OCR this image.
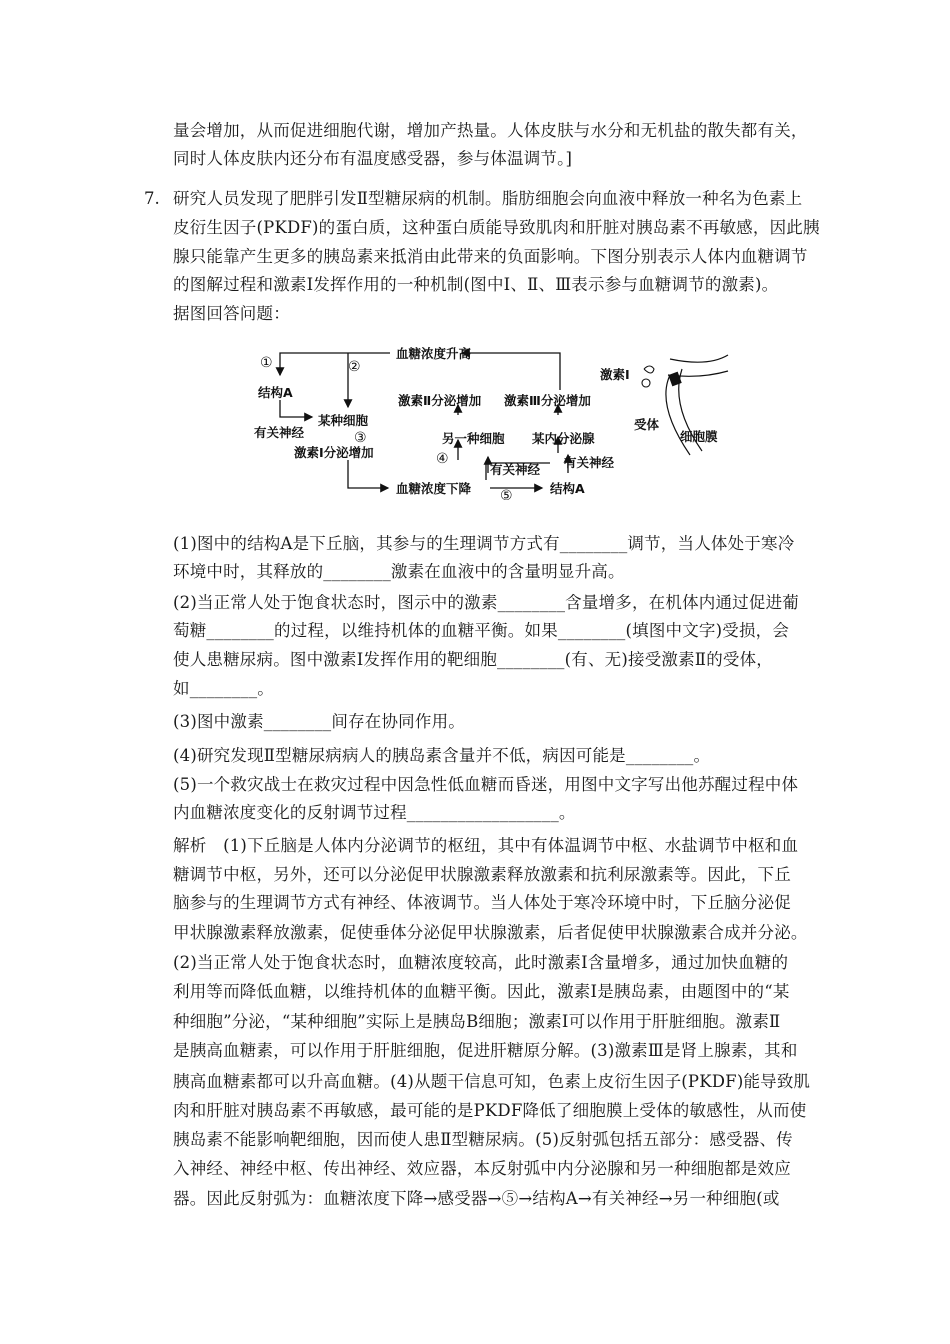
量会增加，从而促进细胞代谢，增加产热量。人体皮肤与水分和无机盐的散失都有关，
同时人体皮肤内还分布有温度感受器，参与体温调节。]
研究人员发现了肥胖引发Ⅱ型糖尿病的机制。脂肪细胞会向血液中释放一种名为色素上
皮衍生因子(PKDF)的蛋白质，这种蛋白质能导致肌肉和肝脏对胰岛素不再敏感，因此胰
腺只能靠产生更多的胰岛素来抵消由此带来的负面影响。下图分别表示人体内血糖调节
的图解过程和激素Ⅰ发挥作用的一种机制(图中Ⅰ、Ⅱ、Ⅲ表示参与血糖调节的激素)。
据图回答问题：
(1)图中的结构A是下丘脑，其参与的生理调节方式有________调节，当人体处于寒冷
环境中时，其释放的________激素在血液中的含量明显升高。
(2)当正常人处于饱食状态时，图示中的激素________含量增多，在机体内通过促进葡
萄糖________的过程，以维持机体的血糖平衡。如果________(填图中文字)受损，会
使人患糖尿病。图中激素Ⅰ发挥作用的靶细胞________(有、无)接受激素Ⅱ的受体，
如________。
(3)图中激素________间存在协同作用。
(4)研究发现Ⅱ型糖尿病病人的胰岛素含量并不低，病因可能是________。
(5)一个救灾战士在救灾过程中因急性低血糖而昏迷，用图中文字写出他苏醒过程中体
内血糖浓度变化的反射调节过程__________________。
解析　(1)下丘脑是人体内分泌调节的枢纽，其中有体温调节中枢、水盐调节中枢和血
糖调节中枢，另外，还可以分泌促甲状腺激素释放激素和抗利尿激素等。因此，下丘
脑参与的生理调节方式有神经、体液调节。当人体处于寒冷环境中时，下丘脑分泌促
甲状腺激素释放激素，促使垂体分泌促甲状腺激素，后者促使甲状腺激素合成并分泌。
(2)当正常人处于饱食状态时，血糖浓度较高，此时激素Ⅰ含量增多，通过加快血糖的
利用等而降低血糖，以维持机体的血糖平衡。因此，激素Ⅰ是胰岛素，由题图中的“某
种细胞”分泌，“某种细胞”实际上是胰岛B细胞；激素Ⅰ可以作用于肝脏细胞。激素Ⅱ
是胰高血糖素，可以作用于肝脏细胞，促进肝糖原分解。(3)激素Ⅲ是肾上腺素，其和
胰高血糖素都可以升高血糖。(4)从题干信息可知，色素上皮衍生因子(PKDF)能导致肌
肉和肝脏对胰岛素不再敏感，最可能的是PKDF降低了细胞膜上受体的敏感性，从而使
胰岛素不能影响靶细胞，因而使人患Ⅱ型糖尿病。(5)反射弧包括五部分：感受器、传
入神经、神经中枢、传出神经、效应器，本反射弧中内分泌腺和另一种细胞都是效应
器。因此反射弧为：血糖浓度下降→感受器→⑤→结构A→有关神经→另一种细胞(或
7.
血糖浓度升高
①	②
结构A
有关神经
某种细胞
③
激素Ⅰ分泌增加
血糖浓度下降 ⑤	结构A
激素Ⅱ分泌增加 激素Ⅲ分泌增加
另一种细胞 某内分泌腺
④
有关神经 有关神经
激素Ⅰ
受体
细胞膜
